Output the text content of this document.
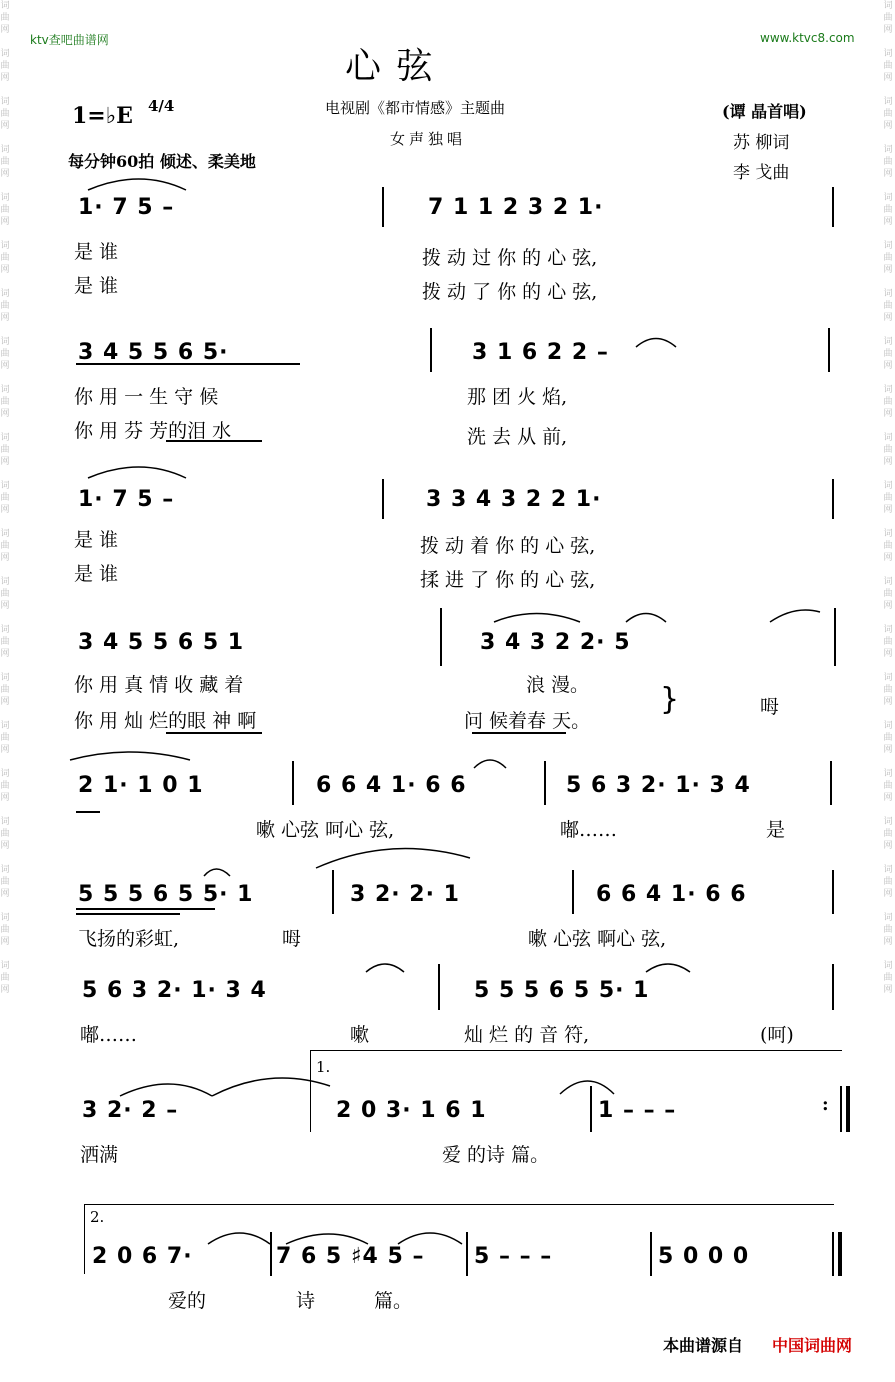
词曲网

词曲网

词曲网

词曲网

词曲网

词曲网

词曲网

词曲网

词曲网

词曲网

词曲网

词曲网

词曲网

词曲网

词曲网

词曲网

词曲网

词曲网

词曲网

词曲网

词曲网
词曲网

词曲网

词曲网

词曲网

词曲网

词曲网

词曲网

词曲网

词曲网

词曲网

词曲网

词曲网

词曲网

词曲网

词曲网

词曲网

词曲网

词曲网

词曲网

词曲网

词曲网
ktv查吧曲谱网	www.ktvc8.com
心 弦
1=♭E 4/4
每分钟60拍 倾述、柔美地
电视剧《都市情感》主题曲
女声独唱
(谭 晶首唱)
苏 柳词
李 戈曲
1· 7 5 –	7 1 1 2 3 2 1·
是 谁	拨 动 过 你 的 心 弦,
是 谁	拨 动 了 你 的 心 弦,
3 4 5 5 6 5·	3 1 6 2 2 –
你 用 一 生 守 候	那 团 火 焰,
你 用 芬 芳的泪 水	洗 去 从 前,
1· 7 5 –	3 3 4 3 2 2 1·
是 谁	拨 动 着 你 的 心 弦,
是 谁	揉 进 了 你 的 心 弦,
3 4 5 5 6 5 1	3 4 3 2 2· 5
你 用 真 情 收 藏 着	浪 漫。
你 用 灿 烂的眼 神 啊	问 候着春 天。
}	呣
2 1· 1 0 1	6 6 4 1· 6 6	5 6 3 2· 1· 3 4
嗽 心弦 呵心 弦,	嘟……	是
5 5 5 6 5 5· 1	3 2· 2· 1	6 6 4 1· 6 6
飞扬的彩虹,	呣	嗽 心弦 啊心 弦,
5 6 3 2· 1· 3 4	5 5 5 6 5 5· 1
嘟……	嗽	灿 烂 的 音 符,	(呵)
3 2· 2 –	2 0 3· 1 6 1	1 – – –
洒满	爱 的诗 篇。
1.
:
2 0 6 7·	7 6 5 ♯4 5 – 5 – – –	5 0 0 0
爱的	诗	篇。
2.
本曲谱源自 中国词曲网
